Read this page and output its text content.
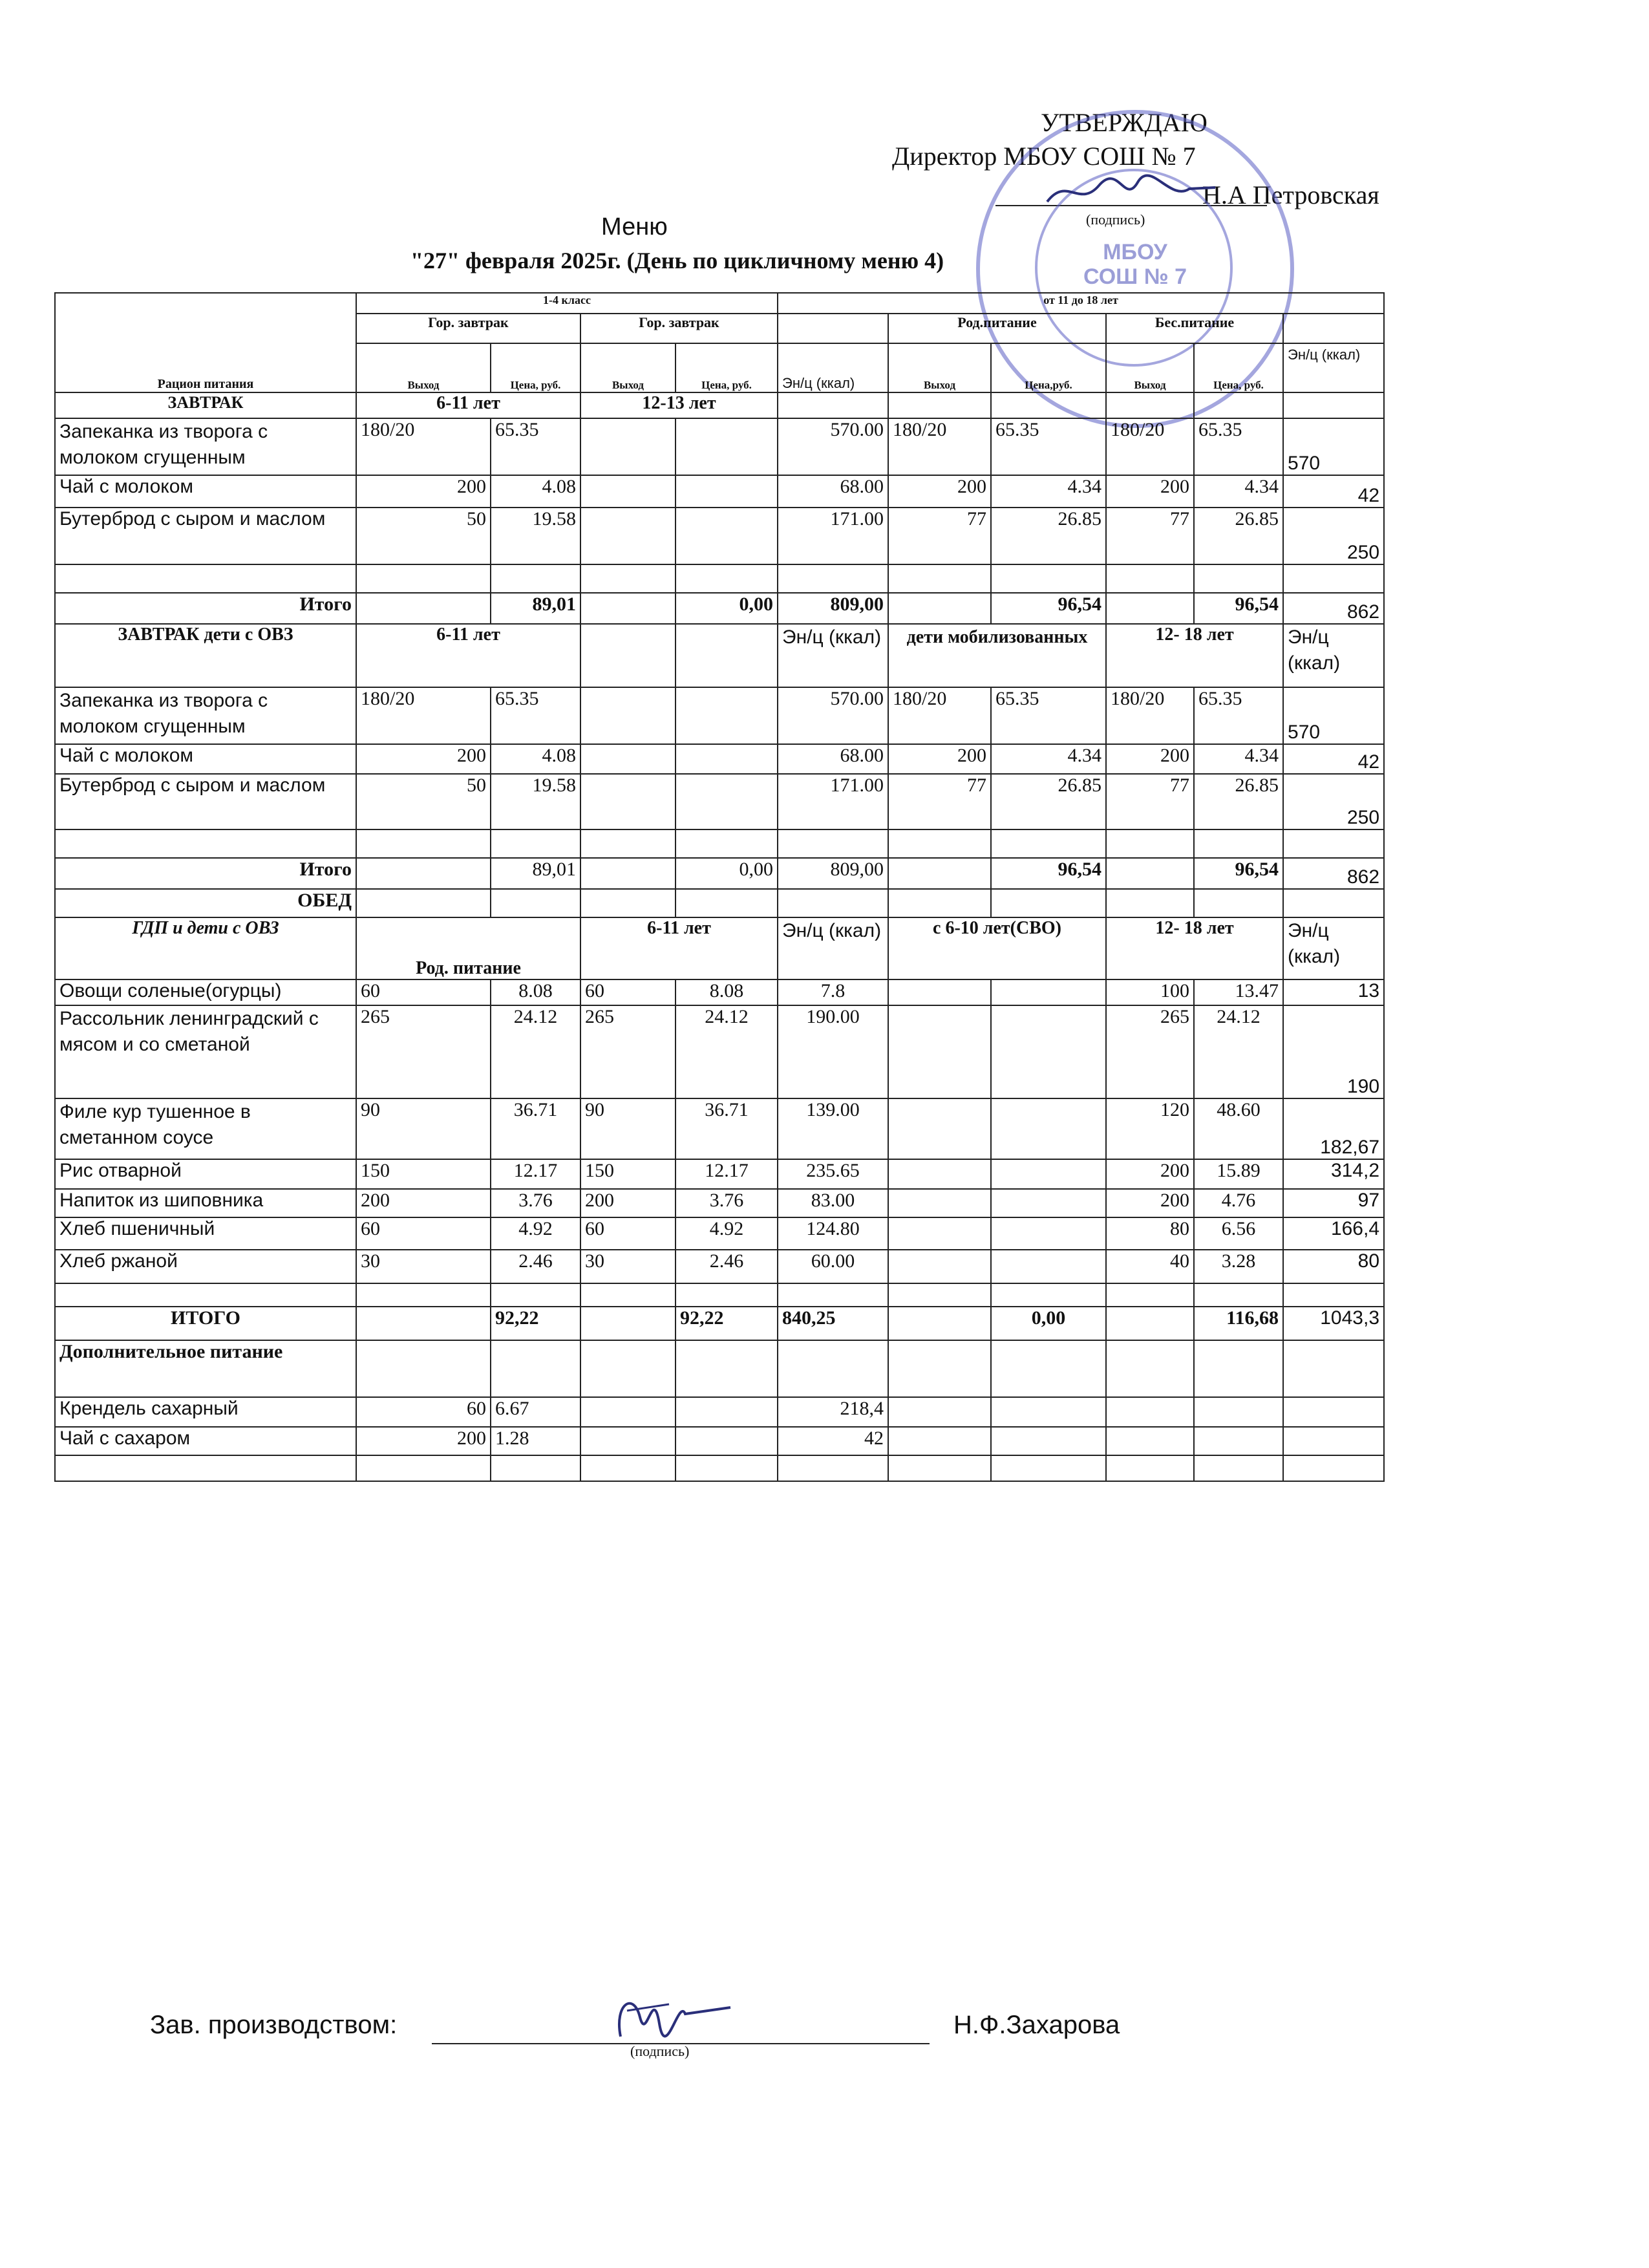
УТВЕРЖДАЮ
Директор МБОУ СОШ № 7
Н.А Петровская
(подпись)
МБОУ
СОШ № 7
Меню
"27" февраля 2025г. (День по цикличному меню 4)
Рацион питания	1-4 класс				от 11 до 18 лет					
	Гор. завтрак		Гор. завтрак			Род.питание		Бес.питание		
	Выход	Цена, руб.	Выход	Цена, руб.	Эн/ц (ккал)	Выход	Цена,руб.	Выход	Цена, руб.	Эн/ц (ккал)
ЗАВТРАК	6-11 лет		12-13 лет							
Запеканка из творога с молоком сгущенным	180/20	65.35			570.00	180/20	65.35	180/20	65.35	570
Чай с молоком	200	4.08			68.00	200	4.34	200	4.34	42
Бутерброд с сыром и маслом	50	19.58			171.00	77	26.85	77	26.85	250

Итого		89,01		0,00	809,00		96,54		96,54	862
ЗАВТРАК дети с ОВЗ	6-11 лет				Эн/ц (ккал)	дети мобилизованных		12- 18 лет		Эн/ц (ккал)
Запеканка из творога с молоком сгущенным	180/20	65.35			570.00	180/20	65.35	180/20	65.35	570
Чай с молоком	200	4.08			68.00	200	4.34	200	4.34	42
Бутерброд с сыром и маслом	50	19.58			171.00	77	26.85	77	26.85	250

Итого		89,01		0,00	809,00		96,54		96,54	862
ОБЕД										
ГДП и дети с ОВЗ	Род. питание		6-11 лет		Эн/ц (ккал)	с 6-10 лет(СВО)		12- 18 лет		Эн/ц (ккал)
Овощи соленые(огурцы)	60	8.08	60	8.08	7.8			100	13.47	13
Рассольник ленинградский с мясом и со сметаной	265	24.12	265	24.12	190.00			265	24.12	190
Филе кур тушенное в сметанном соусе	90	36.71	90	36.71	139.00			120	48.60	182,67
Рис отварной	150	12.17	150	12.17	235.65			200	15.89	314,2
Напиток из шиповника	200	3.76	200	3.76	83.00			200	4.76	97
Хлеб пшеничный	60	4.92	60	4.92	124.80			80	6.56	166,4
Хлеб ржаной	30	2.46	30	2.46	60.00			40	3.28	80

ИТОГО		92,22		92,22	840,25		0,00		116,68	1043,3
Дополнительное питание										
Крендель сахарный	60	6.67			218,4					
Чай с сахаром	200	1.28			42					

Зав. производством:
(подпись)
Н.Ф.Захарова
